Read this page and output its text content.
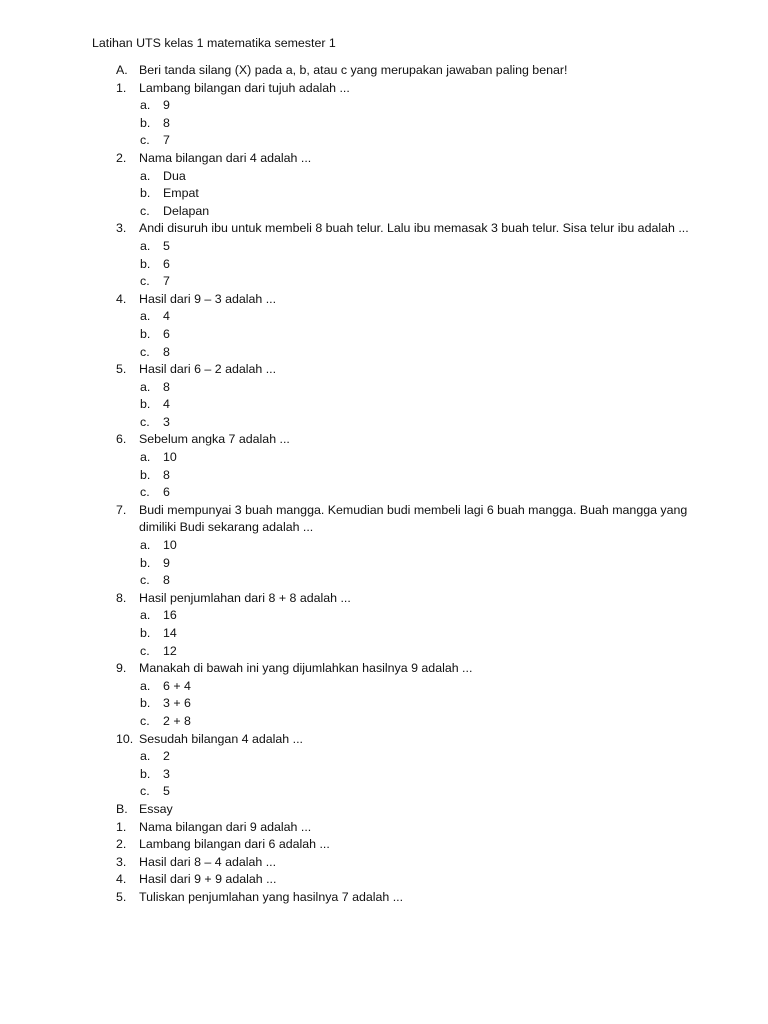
Latihan UTS kelas 1 matematika semester 1
A. Beri tanda silang (X) pada a, b, atau c yang merupakan jawaban paling benar!
1.	Lambang bilangan dari tujuh adalah ...
a.	9
b.	8
c.	7
2.	Nama bilangan dari 4 adalah ...
a.	Dua
b.	Empat
c.	Delapan
3.	Andi disuruh ibu untuk membeli 8 buah telur. Lalu ibu memasak 3 buah telur. Sisa telur ibu adalah ...
a.	5
b.	6
c.	7
4.	Hasil dari 9 – 3 adalah ...
a.	4
b.	6
c.	8
5.	Hasil dari 6 – 2 adalah ...
a.	8
b.	4
c.	3
6.	Sebelum angka 7 adalah ...
a.	10
b.	8
c.	6
7.	Budi mempunyai 3 buah mangga. Kemudian budi membeli lagi 6 buah mangga. Buah mangga yang dimiliki Budi sekarang adalah ...
a.	10
b.	9
c.	8
8.	Hasil penjumlahan dari 8 + 8 adalah ...
a.	16
b.	14
c.	12
9.	Manakah di bawah ini yang dijumlahkan hasilnya 9 adalah ...
a.	6 + 4
b.	3 + 6
c.	2 + 8
10. Sesudah bilangan 4 adalah ...
a.	2
b.	3
c.	5
B. Essay
1.	Nama bilangan dari 9 adalah ...
2.	Lambang bilangan dari 6 adalah ...
3.	Hasil dari 8 – 4 adalah ...
4.	Hasil dari 9 + 9 adalah ...
5.	Tuliskan penjumlahan yang hasilnya 7 adalah ...
